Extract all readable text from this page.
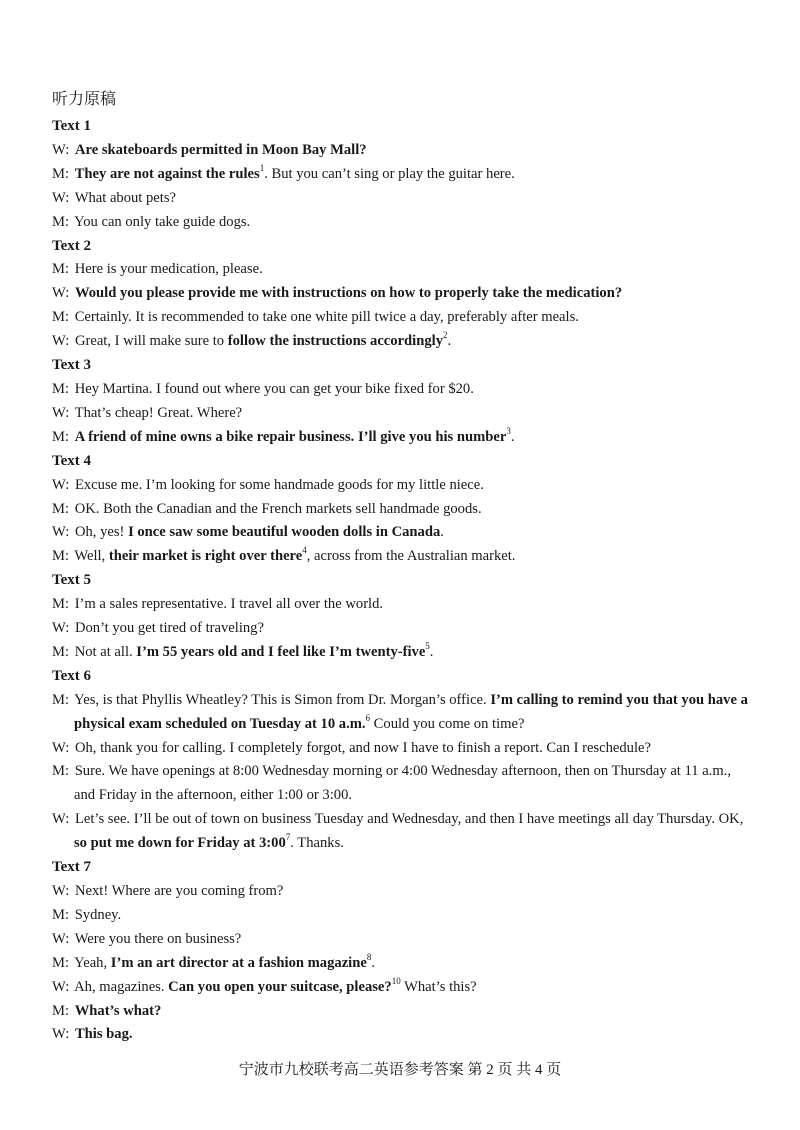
听力原稿
Text 1
W: Are skateboards permitted in Moon Bay Mall?
M: They are not against the rules$^1$. But you can’t sing or play the guitar here.
W: What about pets?
M: You can only take guide dogs.
Text 2
M: Here is your medication, please.
W: Would you please provide me with instructions on how to properly take the medication?
M: Certainly. It is recommended to take one white pill twice a day, preferably after meals.
W: Great, I will make sure to follow the instructions accordingly$^2$.
Text 3
M: Hey Martina. I found out where you can get your bike fixed for $20.
W: That’s cheap! Great. Where?
M: A friend of mine owns a bike repair business. I’ll give you his number$^3$.
Text 4
W: Excuse me. I’m looking for some handmade goods for my little niece.
M: OK. Both the Canadian and the French markets sell handmade goods.
W: Oh, yes! I once saw some beautiful wooden dolls in Canada.
M: Well, their market is right over there$^4$, across from the Australian market.
Text 5
M: I’m a sales representative. I travel all over the world.
W: Don’t you get tired of traveling?
M: Not at all. I’m 55 years old and I feel like I’m twenty-five$^5$.
Text 6
M: Yes, is that Phyllis Wheatley? This is Simon from Dr. Morgan’s office. I’m calling to remind you that you have a physical exam scheduled on Tuesday at 10 a.m.$^6$ Could you come on time?
W: Oh, thank you for calling. I completely forgot, and now I have to finish a report. Can I reschedule?
M: Sure. We have openings at 8:00 Wednesday morning or 4:00 Wednesday afternoon, then on Thursday at 11 a.m., and Friday in the afternoon, either 1:00 or 3:00.
W: Let’s see. I’ll be out of town on business Tuesday and Wednesday, and then I have meetings all day Thursday. OK, so put me down for Friday at $3:00^7$. Thanks.
Text 7
W: Next! Where are you coming from?
M: Sydney.
W: Were you there on business?
M: Yeah, I’m an art director at a fashion magazine$^8$.
W: Ah, magazines. Can you open your suitcase, please?$^{10}$ What’s this?
M: What’s what?
W: This bag.
宁波市九校联考高二英语参考答案 第 2 页 共 4 页
